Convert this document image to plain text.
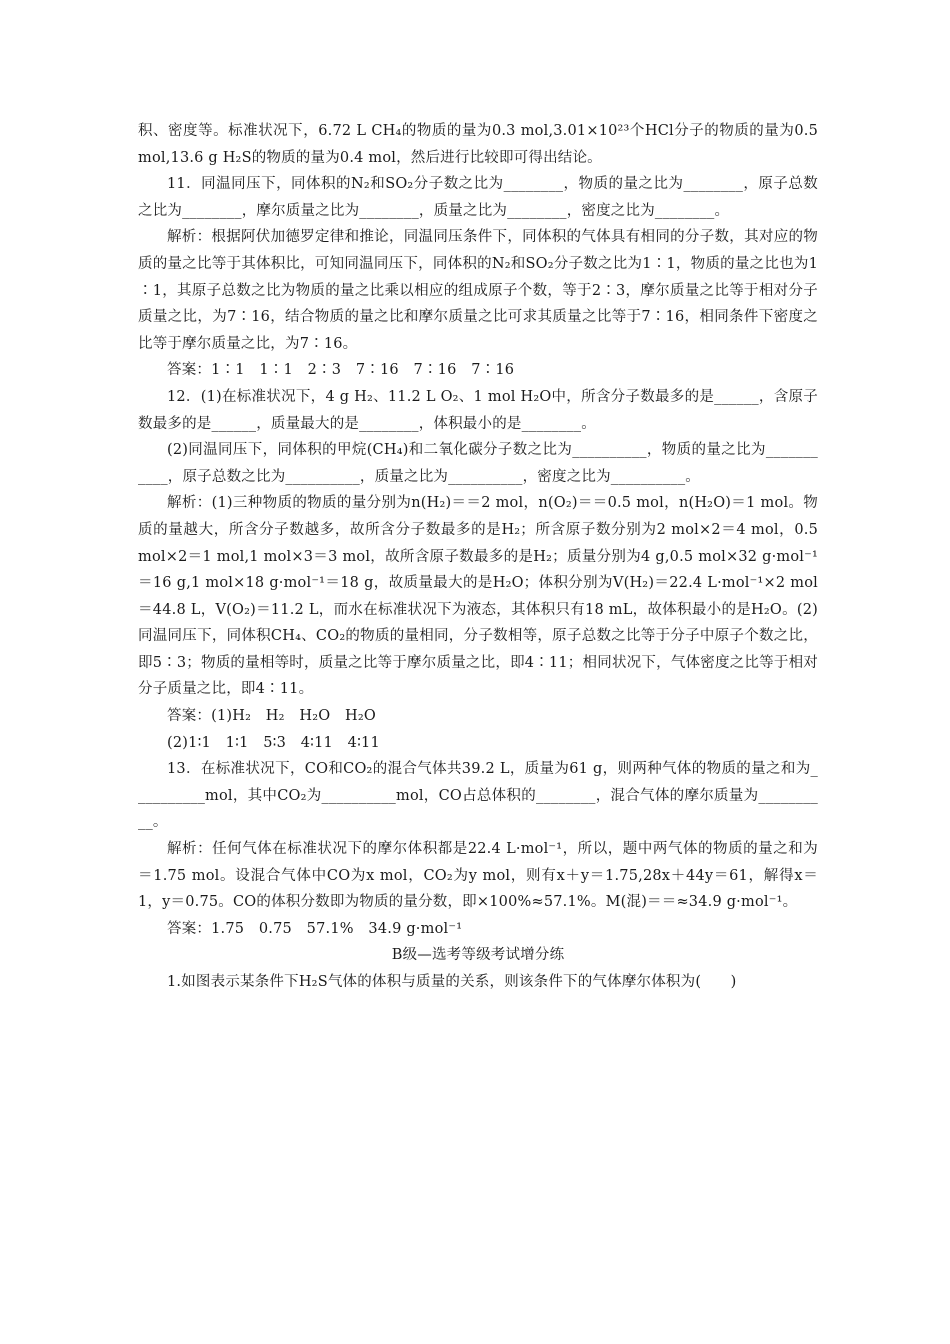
积、密度等。标准状况下，6.72 L CH₄的物质的量为0.3 mol,3.01×10²³个HCl分子的物质的量为0.5 mol,13.6 g H₂S的物质的量为0.4 mol，然后进行比较即可得出结论。

11．同温同压下，同体积的N₂和SO₂分子数之比为________，物质的量之比为________，原子总数之比为________，摩尔质量之比为________，质量之比为________，密度之比为________。

解析：根据阿伏加德罗定律和推论，同温同压条件下，同体积的气体具有相同的分子数，其对应的物质的量之比等于其体积比，可知同温同压下，同体积的N₂和SO₂分子数之比为1∶1，物质的量之比也为1∶1，其原子总数之比为物质的量之比乘以相应的组成原子个数，等于2∶3，摩尔质量之比等于相对分子质量之比，为7∶16，结合物质的量之比和摩尔质量之比可求其质量之比等于7∶16，相同条件下密度之比等于摩尔质量之比，为7∶16。

答案：1∶1　1∶1　2∶3　7∶16　7∶16　7∶16

12．(1)在标准状况下，4 g H₂、11.2 L O₂、1 mol H₂O中，所含分子数最多的是______，含原子数最多的是______，质量最大的是________，体积最小的是________。

(2)同温同压下，同体积的甲烷(CH₄)和二氧化碳分子数之比为__________，物质的量之比为___________，原子总数之比为__________，质量之比为__________，密度之比为__________。

解析：(1)三种物质的物质的量分别为n(H₂)＝＝2 mol，n(O₂)＝＝0.5 mol，n(H₂O)＝1 mol。物质的量越大，所含分子数越多，故所含分子数最多的是H₂；所含原子数分别为2 mol×2＝4 mol，0.5 mol×2＝1 mol,1 mol×3＝3 mol，故所含原子数最多的是H₂；质量分别为4 g,0.5 mol×32 g·mol⁻¹＝16 g,1 mol×18 g·mol⁻¹＝18 g，故质量最大的是H₂O；体积分别为V(H₂)＝22.4 L·mol⁻¹×2 mol＝44.8 L，V(O₂)＝11.2 L，而水在标准状况下为液态，其体积只有18 mL，故体积最小的是H₂O。(2)同温同压下，同体积CH₄、CO₂的物质的量相同，分子数相等，原子总数之比等于分子中原子个数之比，即5∶3；物质的量相等时，质量之比等于摩尔质量之比，即4∶11；相同状况下，气体密度之比等于相对分子质量之比，即4∶11。

答案：(1)H₂　H₂　H₂O　H₂O

(2)1∶1　1∶1　5∶3　4∶11　4∶11

13．在标准状况下，CO和CO₂的混合气体共39.2 L，质量为61 g，则两种气体的物质的量之和为__________mol，其中CO₂为__________mol，CO占总体积的________，混合气体的摩尔质量为__________。

解析：任何气体在标准状况下的摩尔体积都是22.4 L·mol⁻¹，所以，题中两气体的物质的量之和为＝1.75 mol。设混合气体中CO为x mol，CO₂为y mol，则有x＋y＝1.75,28x＋44y＝61，解得x＝1，y＝0.75。CO的体积分数即为物质的量分数，即×100%≈57.1%。M(混)＝＝≈34.9 g·mol⁻¹。

答案：1.75　0.75　57.1%　34.9 g·mol⁻¹

B级—选考等级考试增分练

1.如图表示某条件下H₂S气体的体积与质量的关系，则该条件下的气体摩尔体积为(　　)
